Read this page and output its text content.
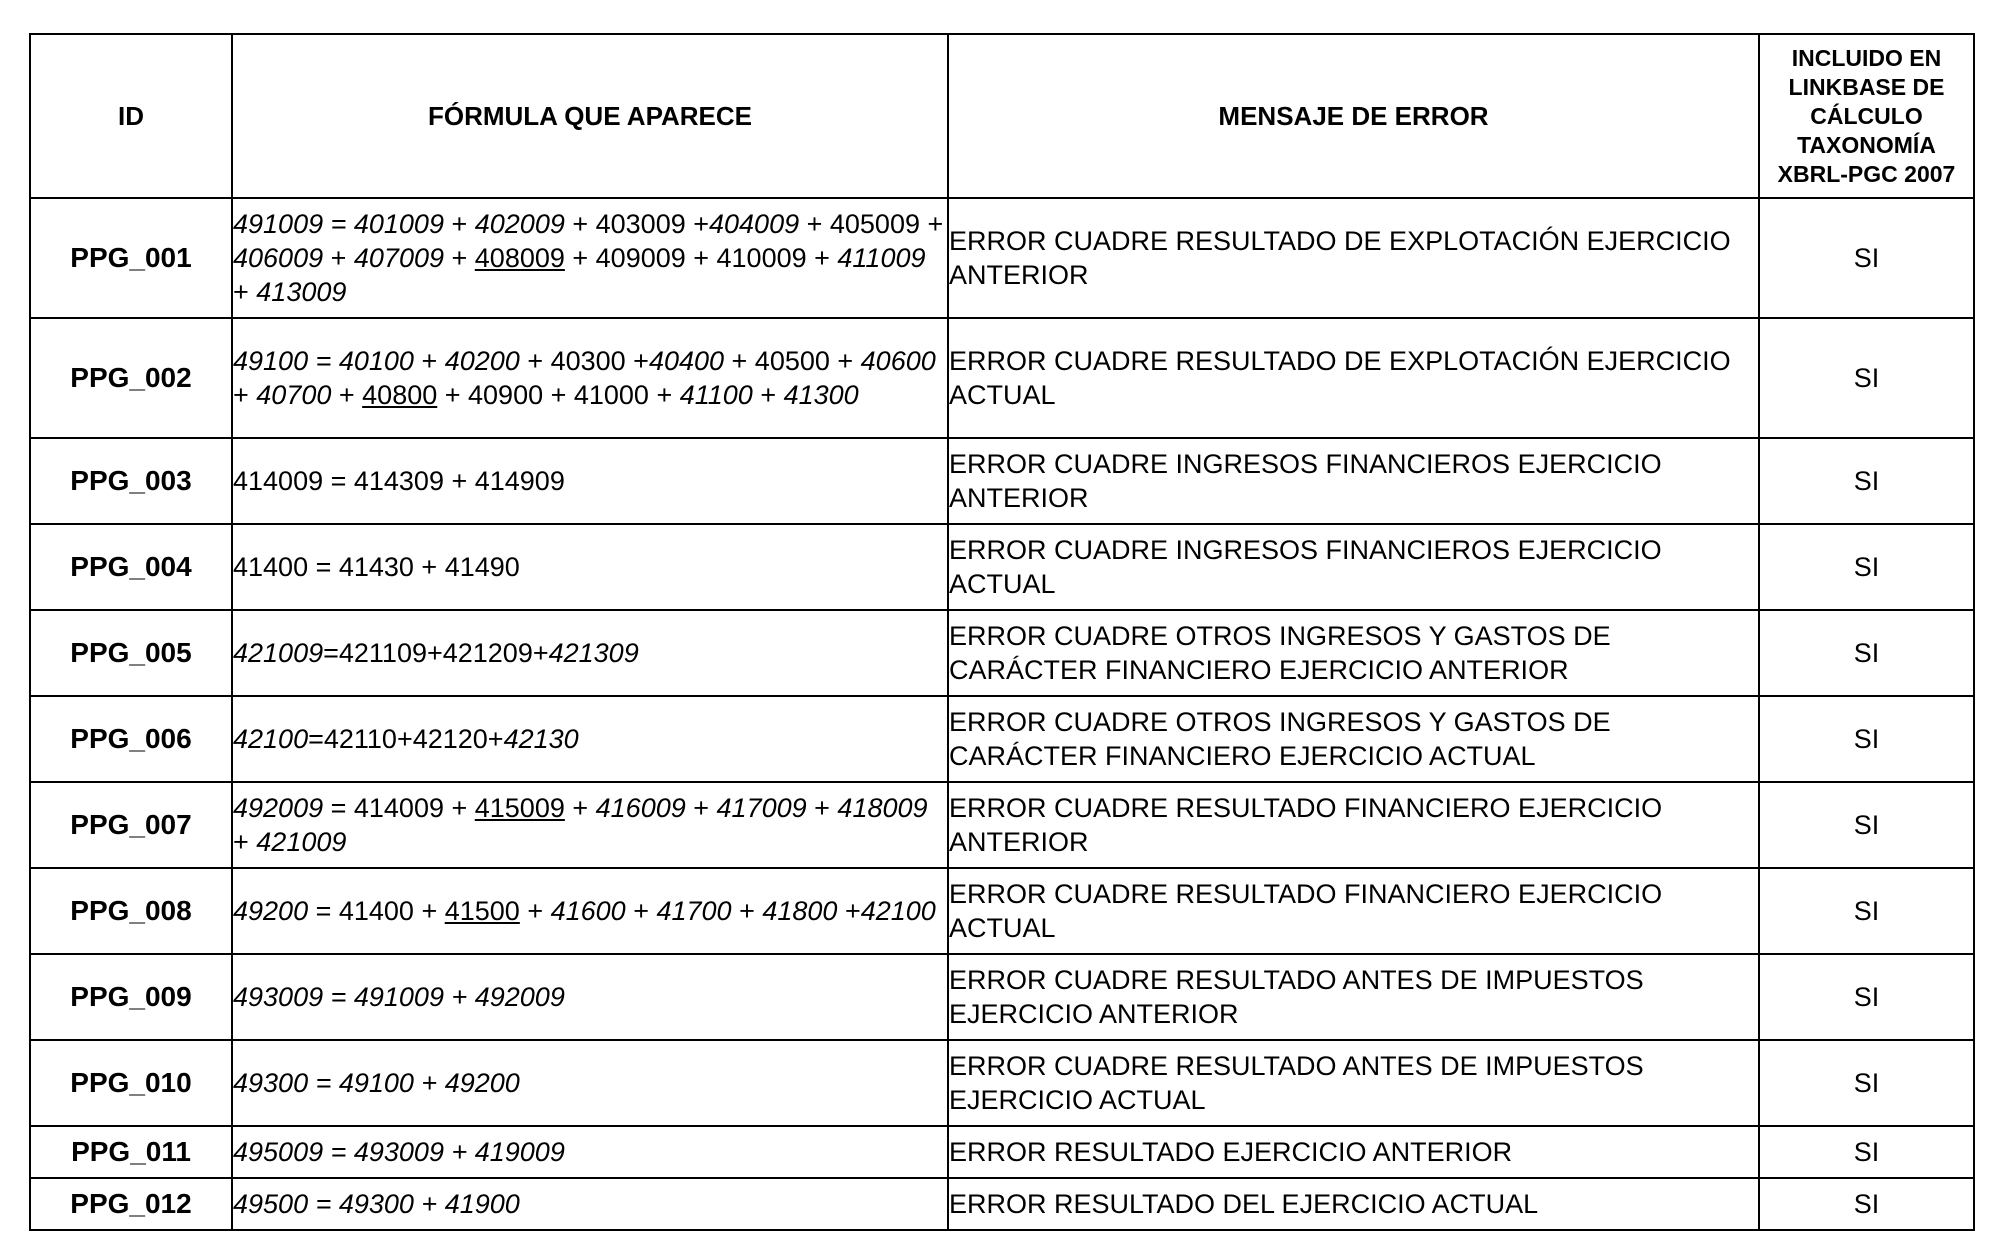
ID	FÓRMULA QUE APARECE	MENSAJE DE ERROR	INCLUIDO EN
LINKBASE DE
CÁLCULO
TAXONOMÍA
XBRL-PGC 2007

PPG_001	491009 = 401009 + 402009 + 403009 +404009 + 405009 + 406009 + 407009 + 408009 + 409009 + 410009 + 411009 + 413009	ERROR CUADRE RESULTADO DE EXPLOTACIÓN EJERCICIO ANTERIOR	SI
PPG_002	49100 = 40100 + 40200 + 40300 +40400 + 40500 + 40600 + 40700 + 40800 + 40900 + 41000 + 41100 + 41300	ERROR CUADRE RESULTADO DE EXPLOTACIÓN EJERCICIO ACTUAL	SI
PPG_003	414009 = 414309 + 414909	ERROR CUADRE INGRESOS FINANCIEROS EJERCICIO ANTERIOR	SI
PPG_004	41400 = 41430 + 41490	ERROR CUADRE INGRESOS FINANCIEROS EJERCICIO ACTUAL	SI
PPG_005	421009=421109+421209+421309	ERROR CUADRE OTROS INGRESOS Y GASTOS DE CARÁCTER FINANCIERO EJERCICIO ANTERIOR	SI
PPG_006	42100=42110+42120+42130	ERROR CUADRE OTROS INGRESOS Y GASTOS DE CARÁCTER FINANCIERO EJERCICIO ACTUAL	SI
PPG_007	492009 = 414009 + 415009 + 416009 + 417009 + 418009 + 421009	ERROR CUADRE RESULTADO FINANCIERO EJERCICIO ANTERIOR	SI
PPG_008	49200 = 41400 + 41500 + 41600 + 41700 + 41800 +42100	ERROR CUADRE RESULTADO FINANCIERO EJERCICIO ACTUAL	SI
PPG_009	493009 = 491009 + 492009	ERROR CUADRE RESULTADO ANTES DE IMPUESTOS EJERCICIO ANTERIOR	SI
PPG_010	49300 = 49100 + 49200	ERROR CUADRE RESULTADO ANTES DE IMPUESTOS EJERCICIO ACTUAL	SI
PPG_011	495009 = 493009 + 419009	ERROR RESULTADO EJERCICIO ANTERIOR	SI
PPG_012	49500 = 49300 + 41900	ERROR RESULTADO DEL EJERCICIO ACTUAL	SI
